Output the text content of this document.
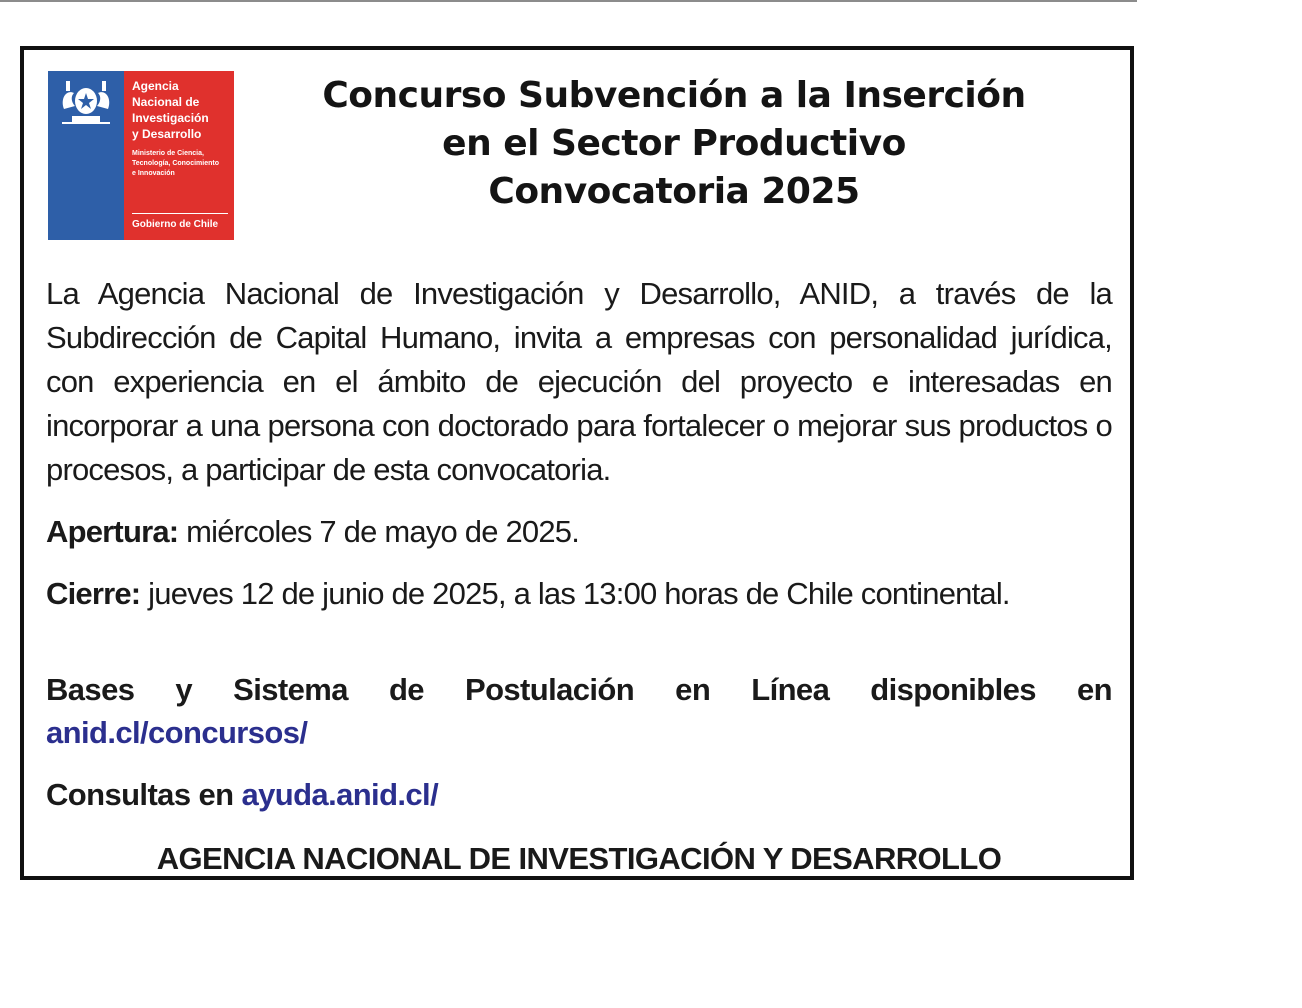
Agencia
Nacional de
Investigación
y Desarrollo
Ministerio de Ciencia,
Tecnología, Conocimiento
e Innovación
Gobierno de Chile
Concurso Subvención a la Inserción
en el Sector Productivo
Convocatoria 2025

La Agencia Nacional de Investigación y Desarrollo, ANID, a través de la Subdirección de Capital Humano, invita a empresas con personalidad jurídica, con experiencia en el ámbito de ejecución del proyecto e interesadas en incorporar a una persona con doctorado para fortalecer o mejorar sus productos o procesos, a participar de esta convocatoria.

Apertura: miércoles 7 de mayo de 2025.

Cierre: jueves 12 de junio de 2025, a las 13:00 horas de Chile continental.

Bases y Sistema de Postulación en Línea disponibles en

anid.cl/concursos/

Consultas en ayuda.anid.cl/

AGENCIA NACIONAL DE INVESTIGACIÓN Y DESARROLLO
